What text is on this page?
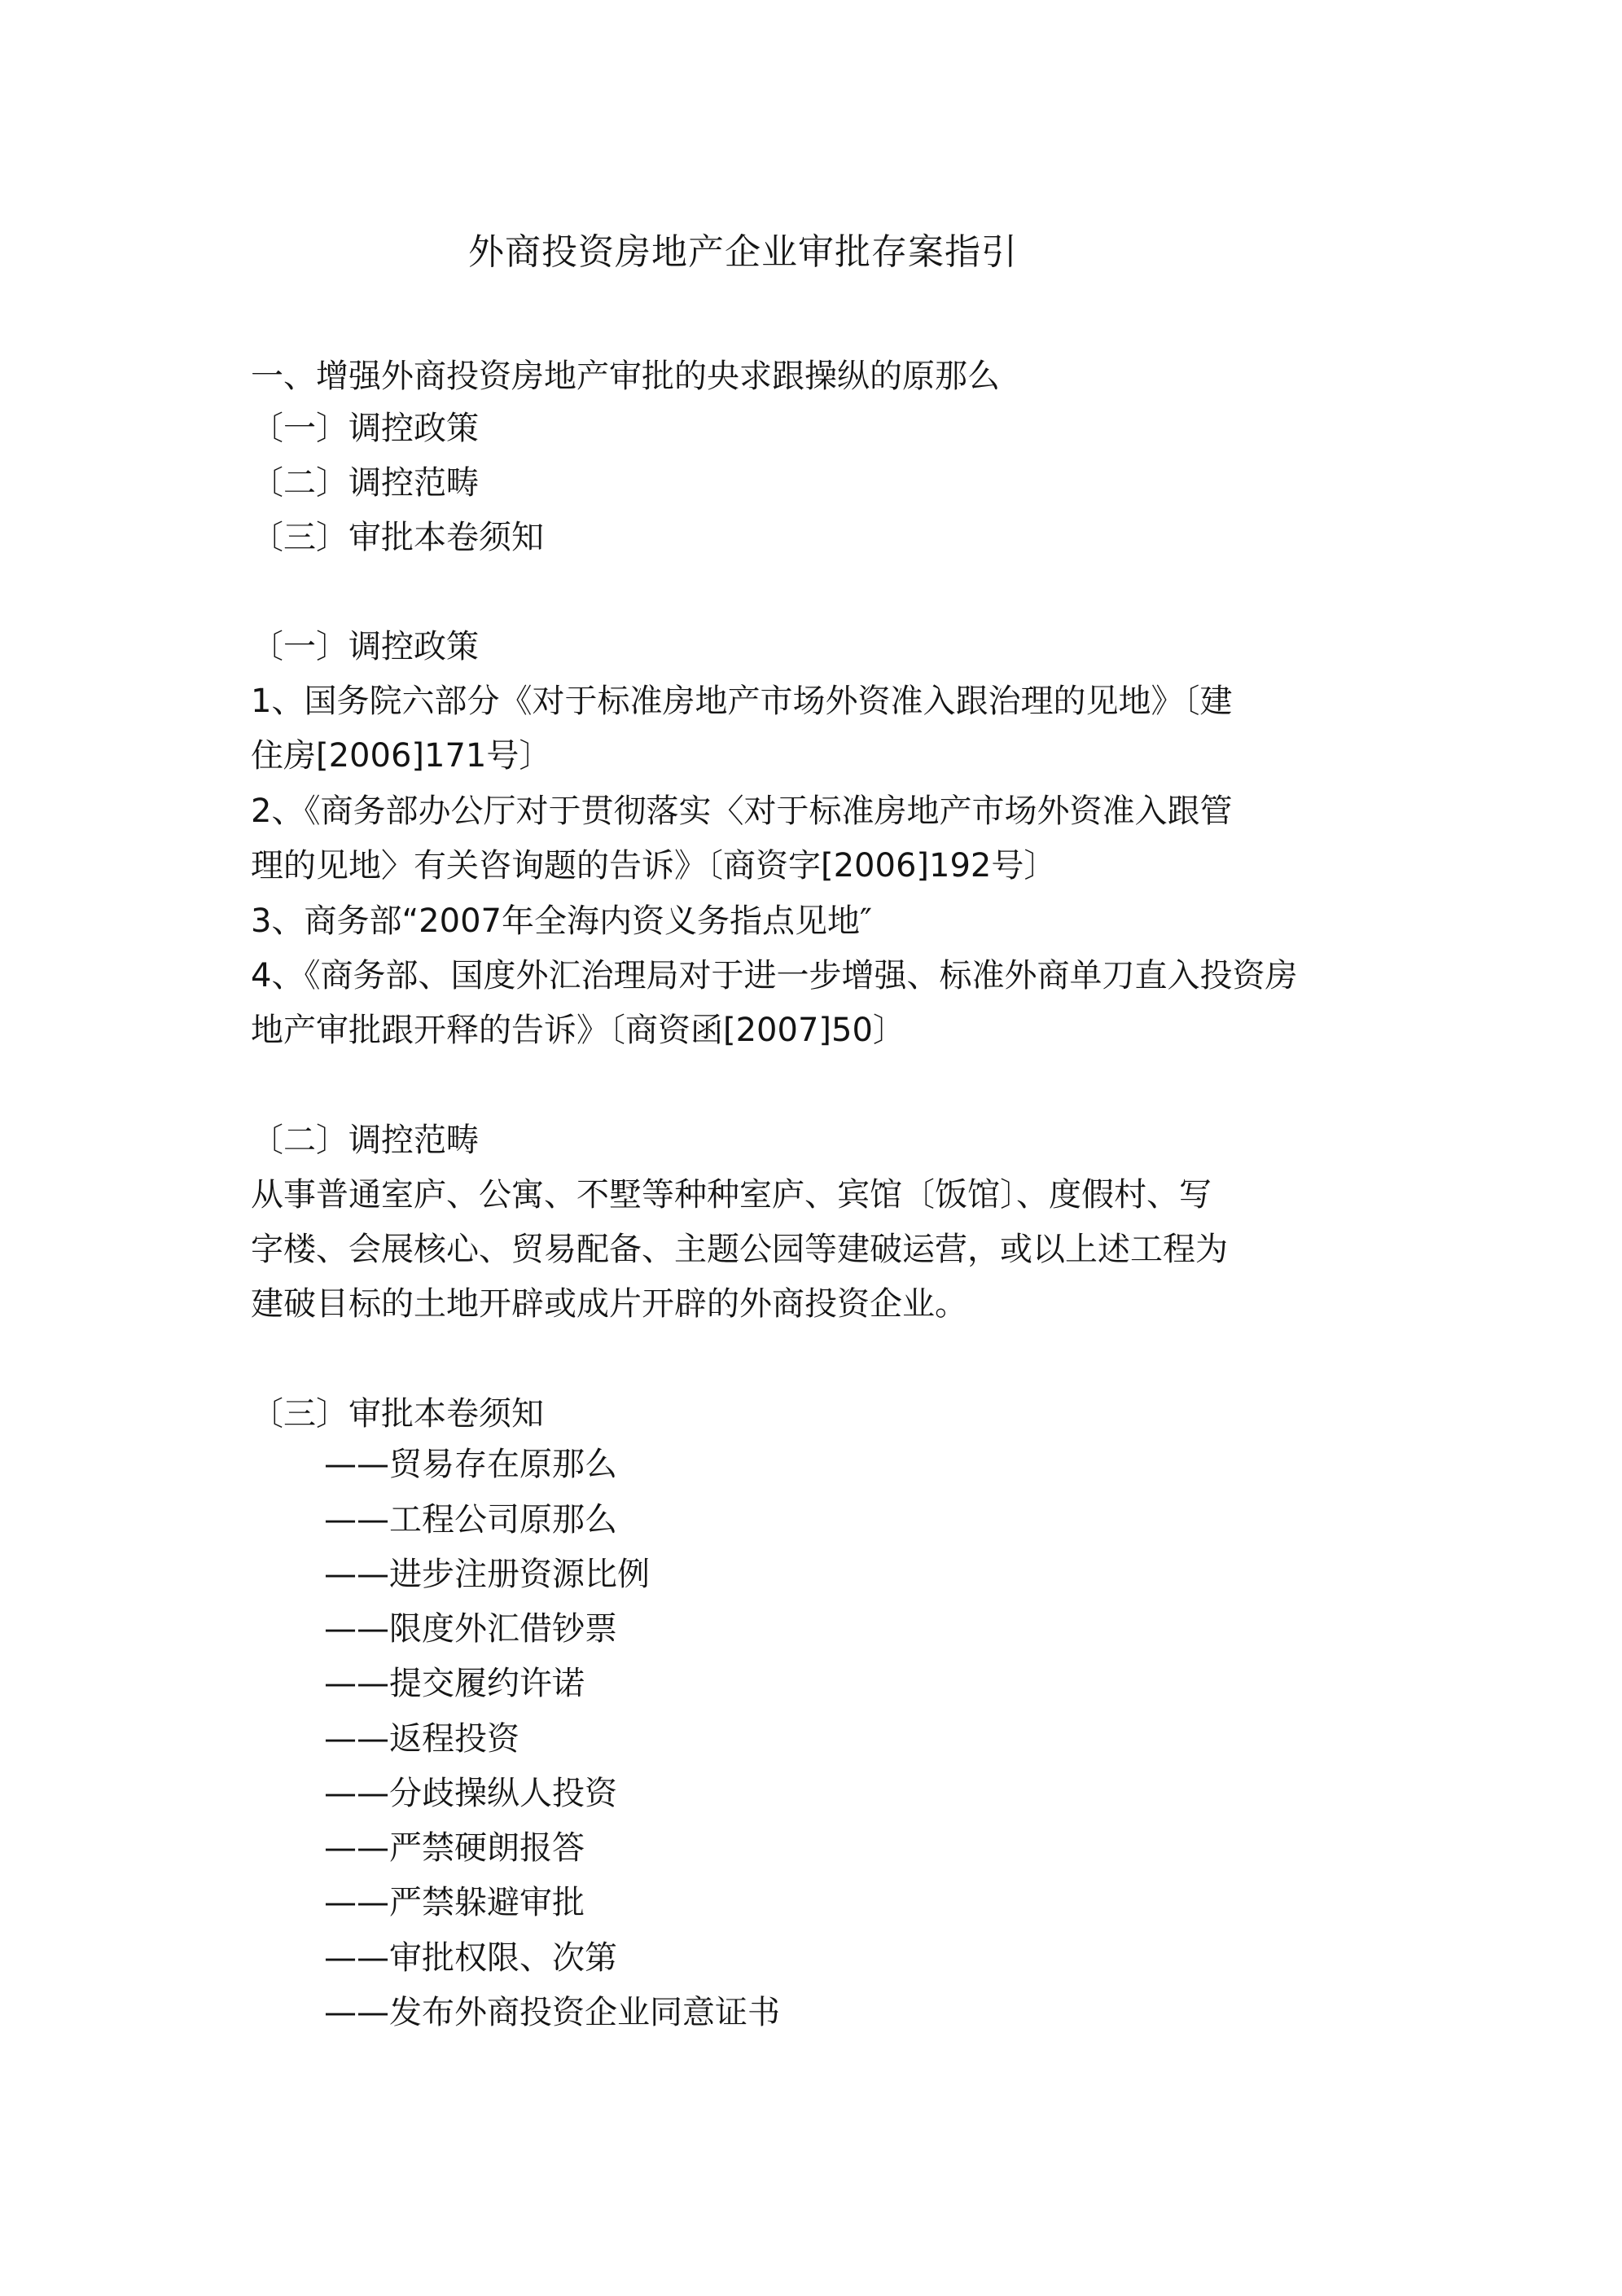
外商投资房地产企业审批存案指引
一、增强外商投资房地产审批的央求跟操纵的原那么
〔一〕调控政策
〔二〕调控范畴
〔三〕审批本卷须知
〔一〕调控政策
1、国务院六部分《对于标准房地产市场外资准入跟治理的见地》〔建
住房[2006]171号〕
2、《商务部办公厅对于贯彻落实〈对于标准房地产市场外资准入跟管
理的见地〉有关咨询题的告诉》〔商资字[2006]192号〕
3、商务部“2007年全海内资义务指点见地″
4、《商务部、国度外汇治理局对于进一步增强、标准外商单刀直入投资房
地产审批跟开释的告诉》〔商资函[2007]50〕
〔二〕调控范畴
从事普通室庐、公寓、不墅等种种室庐、宾馆〔饭馆〕、度假村、写
字楼、会展核心、贸易配备、主题公园等建破运营，或以上述工程为
建破目标的土地开辟或成片开辟的外商投资企业。
〔三〕审批本卷须知
——贸易存在原那么
——工程公司原那么
——进步注册资源比例
——限度外汇借钞票
——提交履约许诺
——返程投资
——分歧操纵人投资
——严禁硬朗报答
——严禁躲避审批
——审批权限、次第
——发布外商投资企业同意证书
